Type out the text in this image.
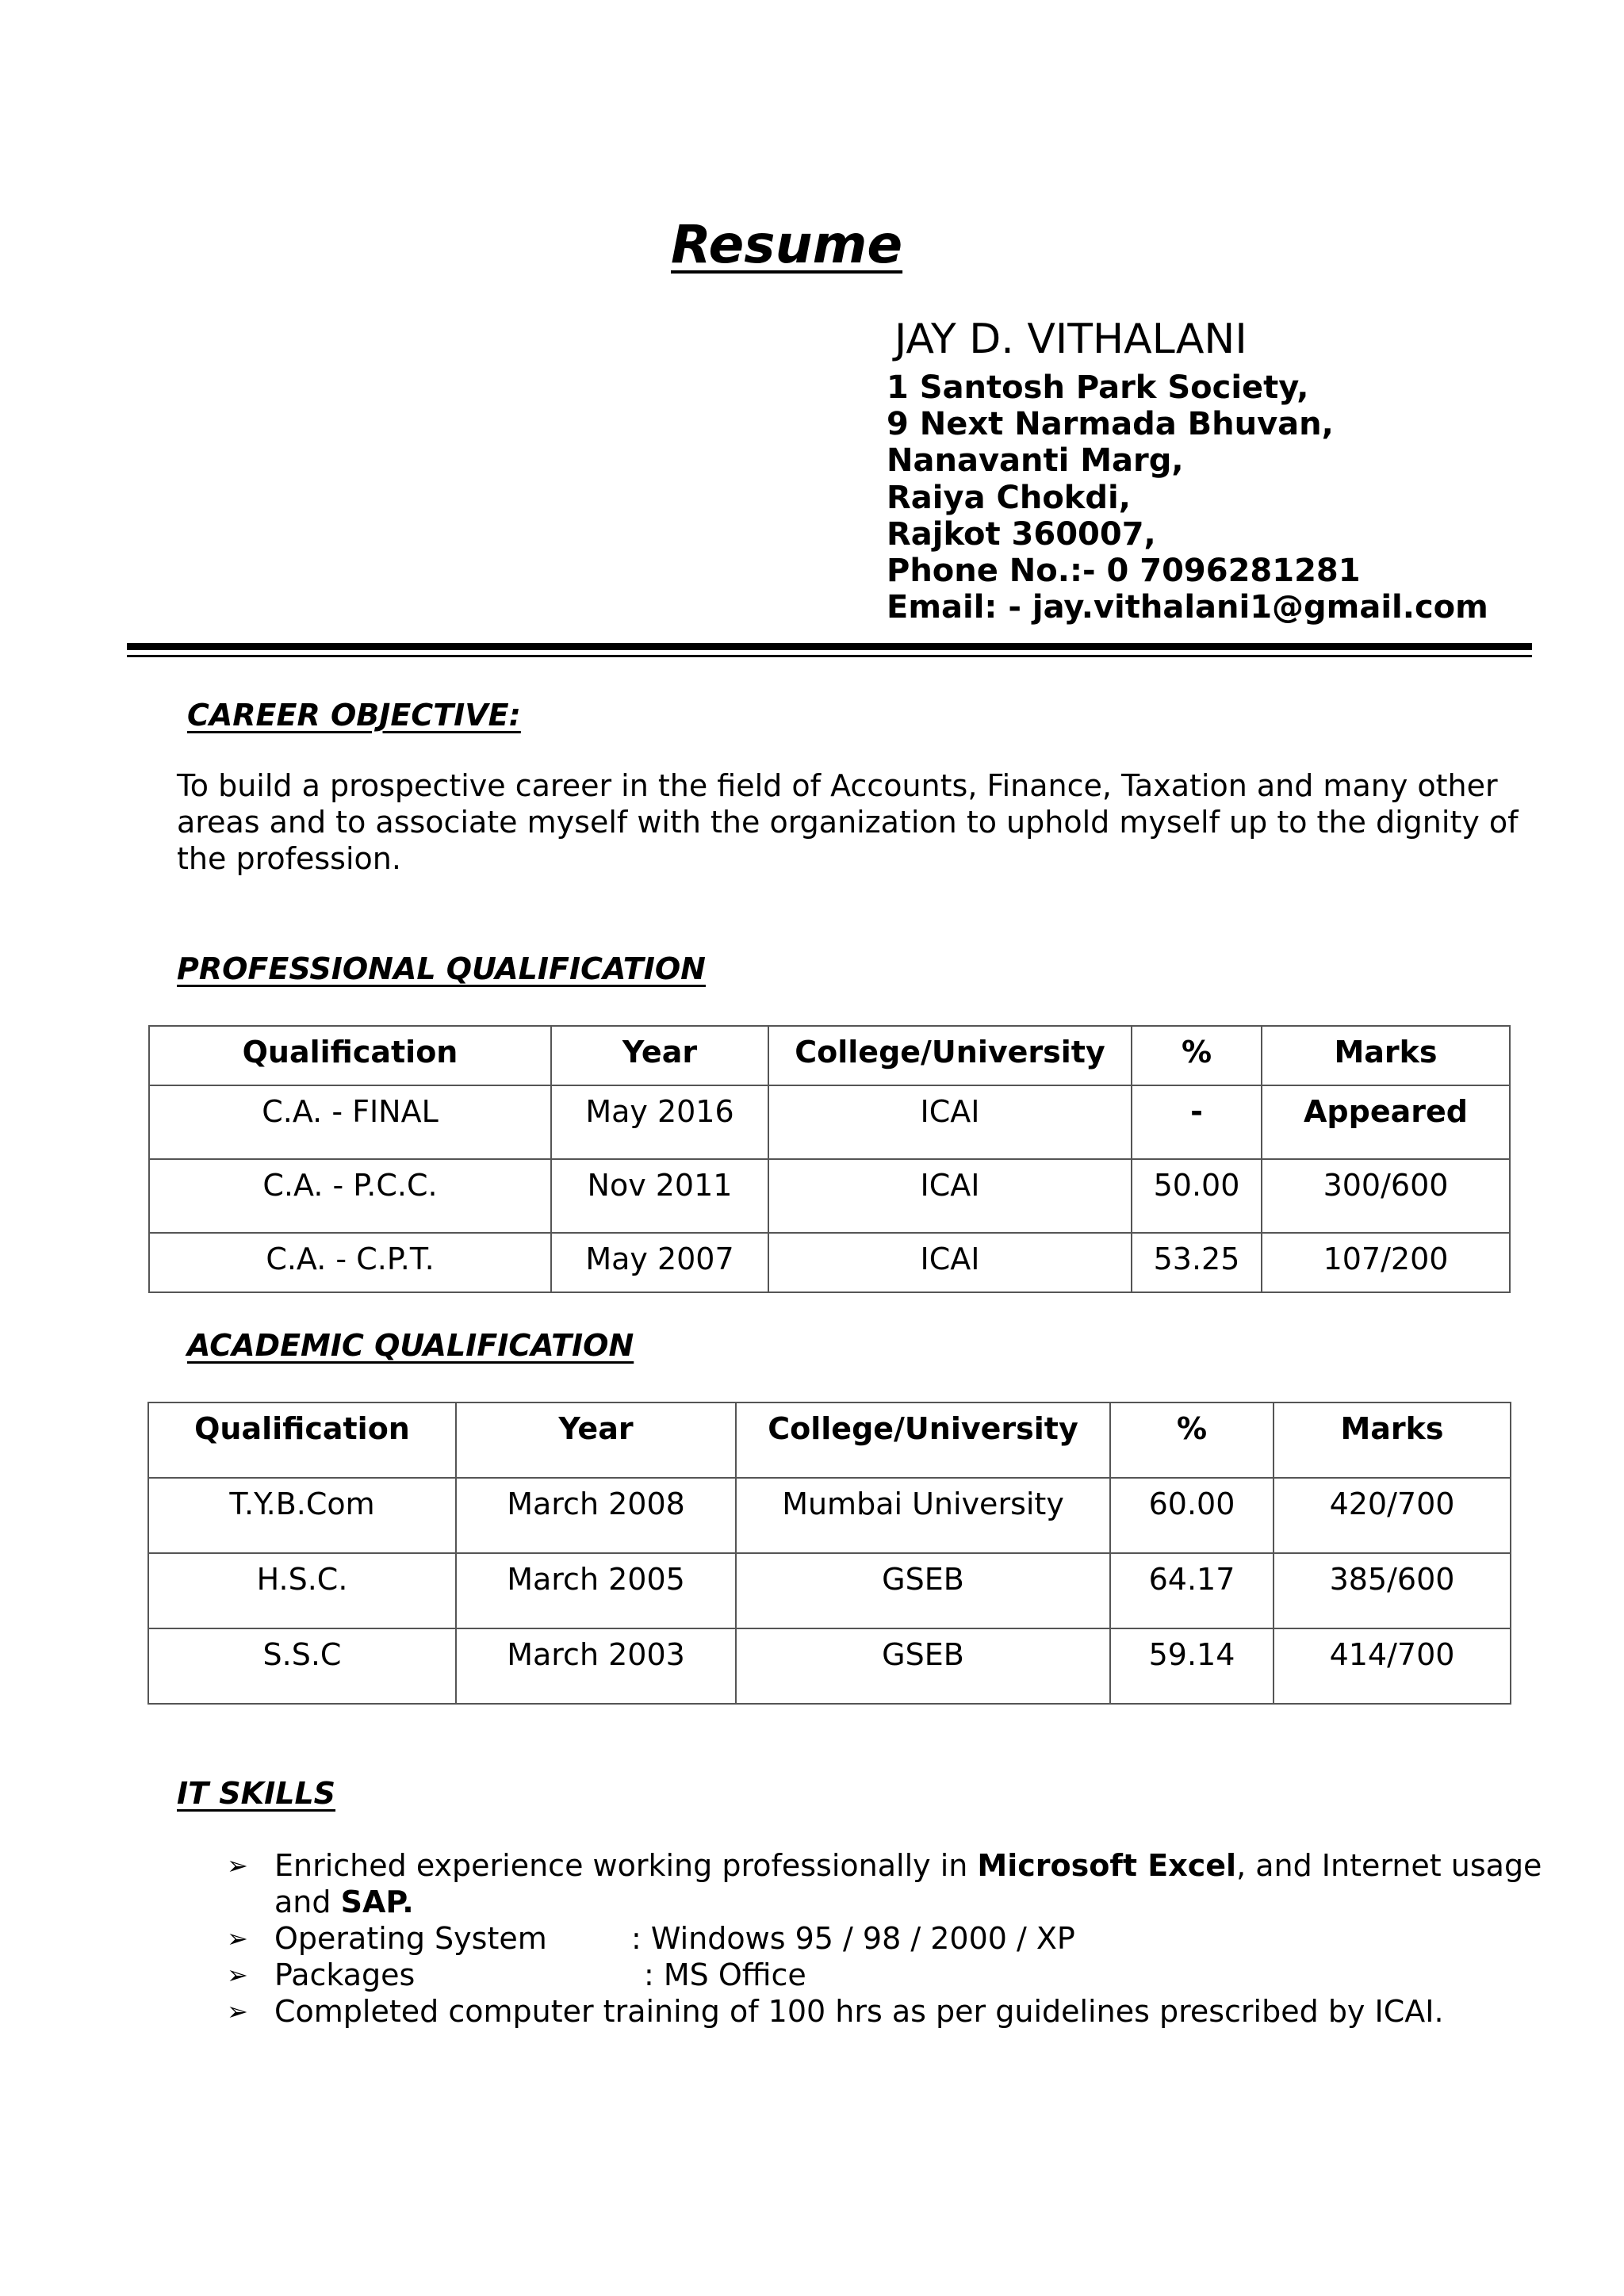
Resume
JAY D. VITHALANI
1 Santosh Park Society,
9 Next Narmada Bhuvan,
Nanavanti Marg,
Raiya Chokdi,
Rajkot 360007,
Phone No.:- 0 7096281281
Email: - jay.vithalani1@gmail.com
CAREER OBJECTIVE:
To build a prospective career in the field of Accounts, Finance, Taxation and many other areas and to associate myself with the organization to uphold myself up to the dignity of the profession.
PROFESSIONAL QUALIFICATION
Qualification	Year	College/University	%	Marks
C.A. - FINAL	May 2016	ICAI	-	Appeared
C.A. - P.C.C.	Nov 2011	ICAI	50.00	300/600
C.A. - C.P.T.	May 2007	ICAI	53.25	107/200
ACADEMIC QUALIFICATION
Qualification	Year	College/University	%	Marks
T.Y.B.Com	March 2008	Mumbai University	60.00	420/700
H.S.C.	March 2005	GSEB	64.17	385/600
S.S.C	March 2003	GSEB	59.14	414/700
IT SKILLS
➢ Enriched experience working professionally in Microsoft Excel, and Internet usage and SAP.
➢ Operating System	: Windows 95 / 98 / 2000 / XP
➢ Packages	: MS Office
➢ Completed computer training of 100 hrs as per guidelines prescribed by ICAI.
